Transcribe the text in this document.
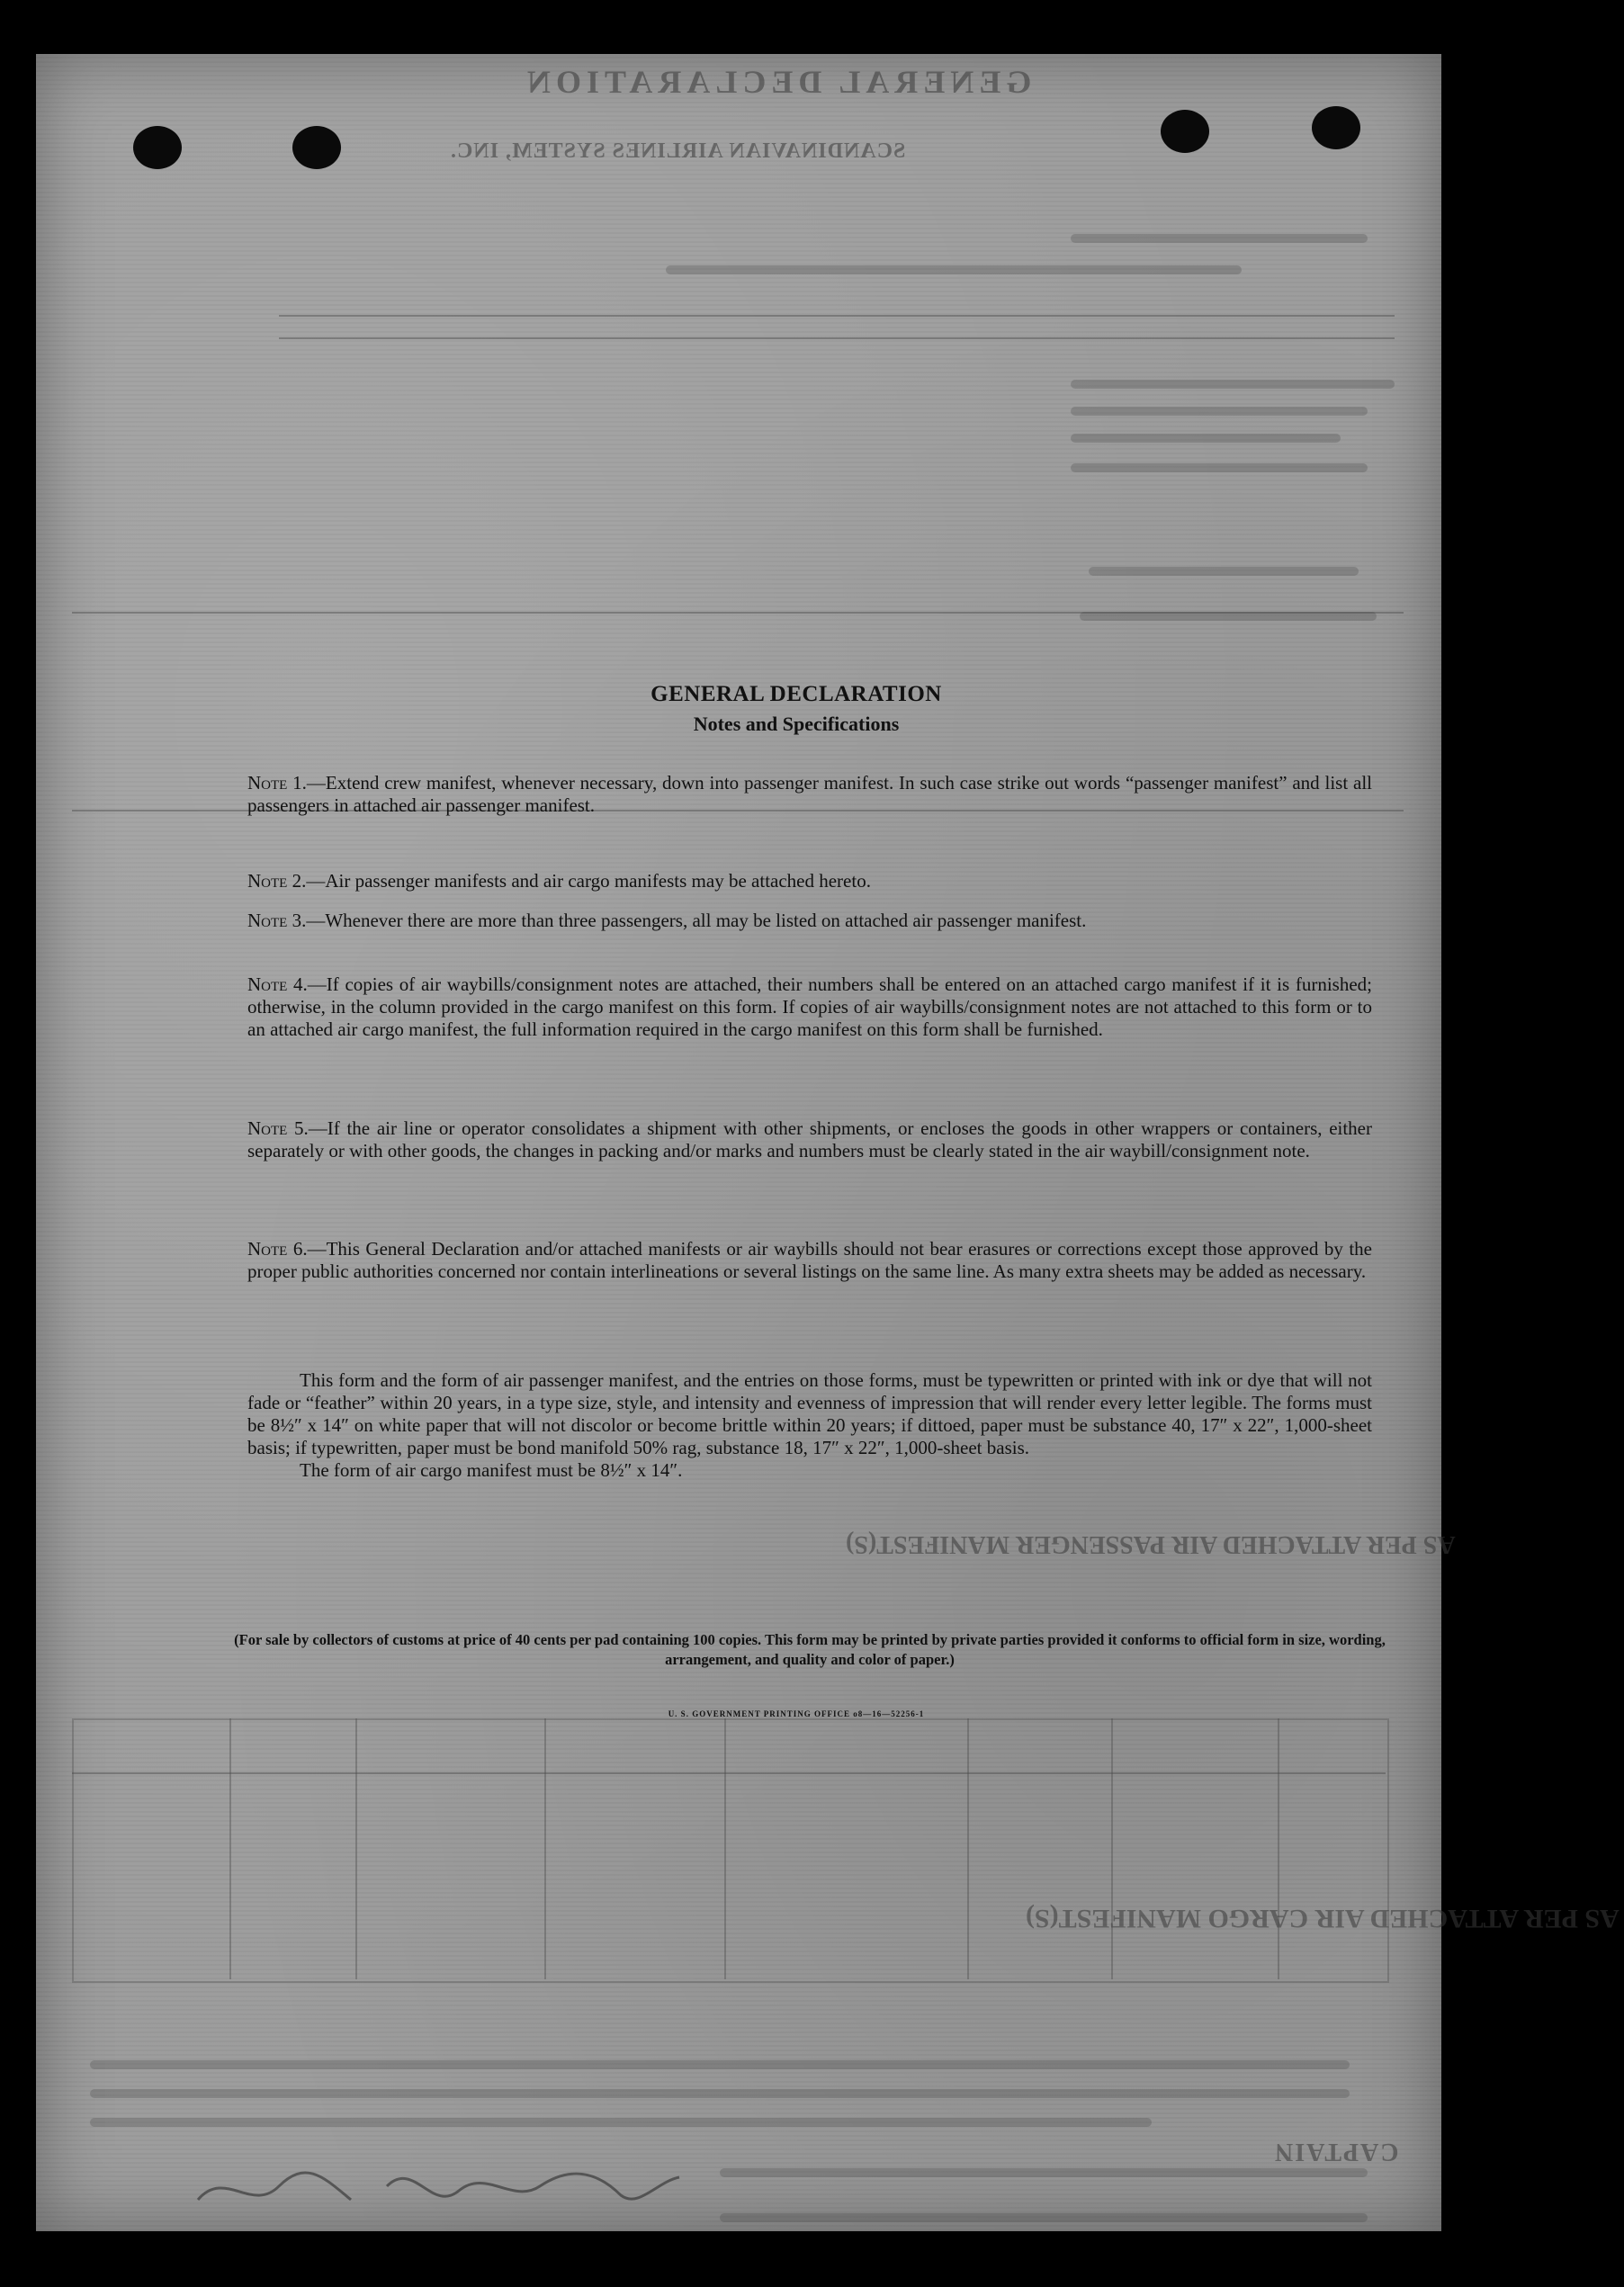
GENERAL DECLARATION
SCANDINAVIAN AIRLINES SYSTEM, INC.
AS PER ATTACHED AIR PASSENGER MANIFEST(S)
AS PER ATTACHED AIR CARGO MANIFEST(S)
CAPTAIN
GENERAL DECLARATION
Notes and Specifications
Note 1.—Extend crew manifest, whenever necessary, down into passenger manifest. In such case strike out words “passenger manifest” and list all passengers in attached air passenger manifest.
Note 2.—Air passenger manifests and air cargo manifests may be attached hereto.
Note 3.—Whenever there are more than three passengers, all may be listed on attached air passenger manifest.
Note 4.—If copies of air waybills/consignment notes are attached, their numbers shall be entered on an attached cargo manifest if it is furnished; otherwise, in the column provided in the cargo manifest on this form. If copies of air waybills/consignment notes are not attached to this form or to an attached air cargo manifest, the full information required in the cargo manifest on this form shall be furnished.
Note 5.—If the air line or operator consolidates a shipment with other shipments, or encloses the goods in other wrappers or containers, either separately or with other goods, the changes in packing and/or marks and numbers must be clearly stated in the air waybill/consignment note.
Note 6.—This General Declaration and/or attached manifests or air waybills should not bear erasures or corrections except those approved by the proper public authorities concerned nor contain interlineations or several listings on the same line. As many extra sheets may be added as necessary.
This form and the form of air passenger manifest, and the entries on those forms, must be typewritten or printed with ink or dye that will not fade or “feather” within 20 years, in a type size, style, and intensity and evenness of impression that will render every letter legible. The forms must be 8½″ x 14″ on white paper that will not discolor or become brittle within 20 years; if dittoed, paper must be substance 40, 17″ x 22″, 1,000-sheet basis; if typewritten, paper must be bond manifold 50% rag, substance 18, 17″ x 22″, 1,000-sheet basis.
The form of air cargo manifest must be 8½″ x 14″.
(For sale by collectors of customs at price of 40 cents per pad containing 100 copies. This form may be printed by private parties provided it conforms to official form in size, wording, arrangement, and quality and color of paper.)
U. S. GOVERNMENT PRINTING OFFICE o8—16—52256-1
